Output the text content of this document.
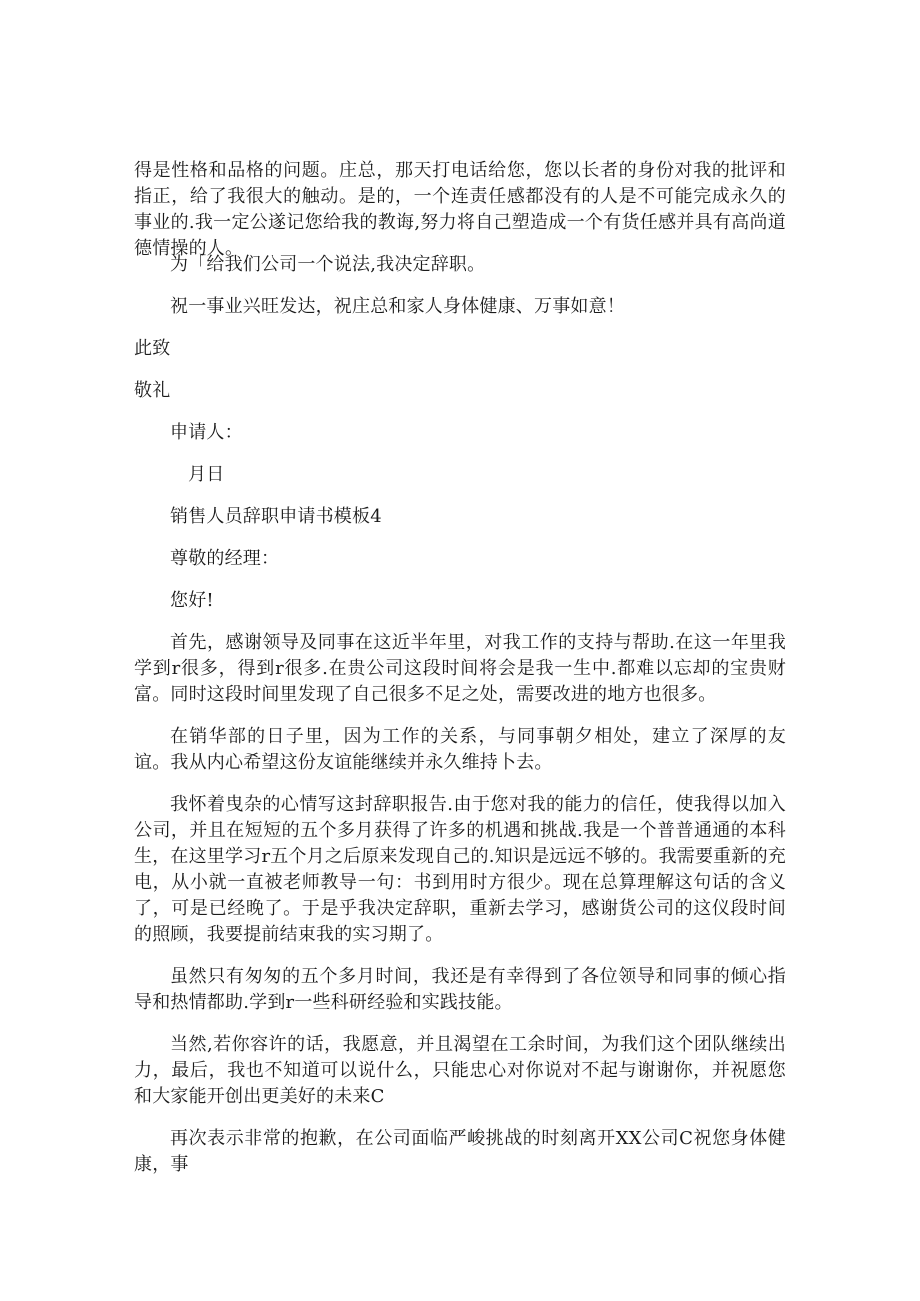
得是性格和品格的问题。庄总，那天打电话给您，您以长者的身份对我的批评和指正，给了我很大的触动。是的，一个连责任感都没有的人是不可能完成永久的事业的.我一定公遂记您给我的教诲,努力将自己塑造成一个有货任感并具有高尚道德情操的人。

为「给我们公司一个说法,我决定辞职。

祝一事业兴旺发达，祝庄总和家人身体健康、万事如意！

此致

敬礼

申请人：

月日

销售人员辞职申请书模板4

尊敬的经理：

您好!

首先，感谢领导及同事在这近半年里，对我工作的支持与帮助.在这一年里我学到r很多，得到r很多.在贵公司这段时间将会是我一生中.都难以忘却的宝贵财富。同时这段时间里发现了自己很多不足之处，需要改进的地方也很多。

在销华部的日子里，因为工作的关系，与同事朝夕相处，建立了深厚的友谊。我从内心希望这份友谊能继续并永久维持卜去。

我怀着曳杂的心情写这封辞职报告.由于您对我的能力的信任，使我得以加入公司，并且在短短的五个多月获得了许多的机遇和挑战.我是一个普普通通的本科生，在这里学习r五个月之后原来发现自己的.知识是远远不够的。我需要重新的充电，从小就一直被老师教导一句：书到用时方很少。现在总算理解这句话的含义了，可是已经晚了。于是乎我决定辞职，重新去学习，感谢货公司的这仪段时间的照顾，我要提前结束我的实习期了。

虽然只有匆匆的五个多月时间，我还是有幸得到了各位领导和同事的倾心指导和热情都助.学到r一些科研经验和实践技能。

当然,若你容许的话，我愿意，并且渴望在工余时间，为我们这个团队继续出力，最后，我也不知道可以说什么，只能忠心对你说对不起与谢谢你，并祝愿您和大家能开创出更美好的未来C

再次表示非常的抱歉，在公司面临严峻挑战的时刻离开XX公司C祝您身体健康，事
